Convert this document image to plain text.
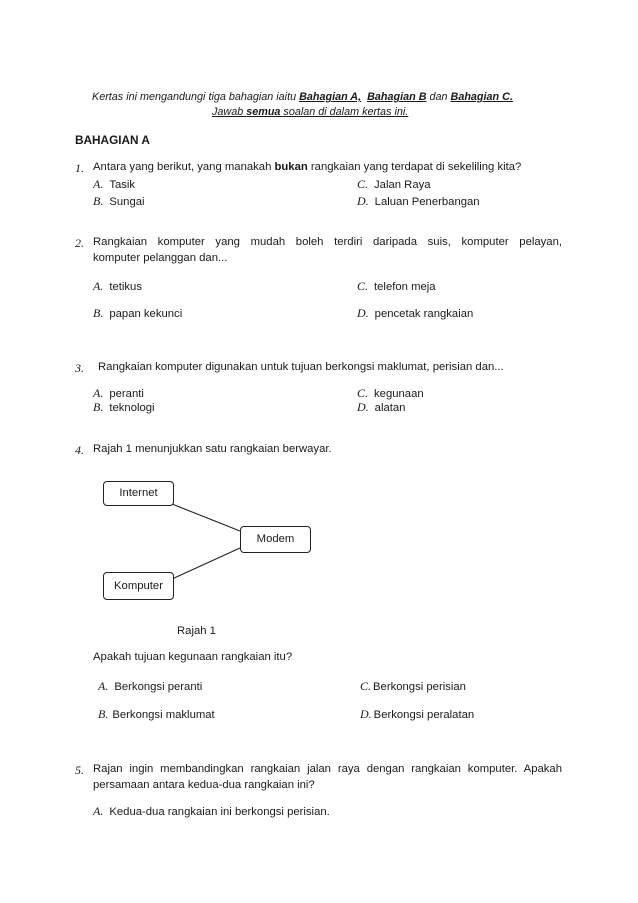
Kertas ini mengandungi tiga bahagian iaitu Bahagian A, Bahagian B dan Bahagian C.
Jawab semua soalan di dalam kertas ini.
BAHAGIAN A
1. Antara yang berikut, yang manakah bukan rangkaian yang terdapat di sekeliling kita?
A. Tasik
B. Sungai
C. Jalan Raya
D. Laluan Penerbangan
2. Rangkaian komputer yang mudah boleh terdiri daripada suis, komputer pelayan,
komputer pelanggan dan...
A. tetikus
B. papan kekunci
C. telefon meja
D. pencetak rangkaian
3. Rangkaian komputer digunakan untuk tujuan berkongsi maklumat, perisian dan...
A. peranti
B. teknologi
C. kegunaan
D. alatan
4. Rajah 1 menunjukkan satu rangkaian berwayar.
Internet
Modem
Komputer
Rajah 1
Apakah tujuan kegunaan rangkaian itu?
A. Berkongsi peranti
B. Berkongsi maklumat
C. Berkongsi perisian
D. Berkongsi peralatan
5. Rajan ingin membandingkan rangkaian jalan raya dengan rangkaian komputer. Apakah
persamaan antara kedua-dua rangkaian ini?
A. Kedua-dua rangkaian ini berkongsi perisian.
